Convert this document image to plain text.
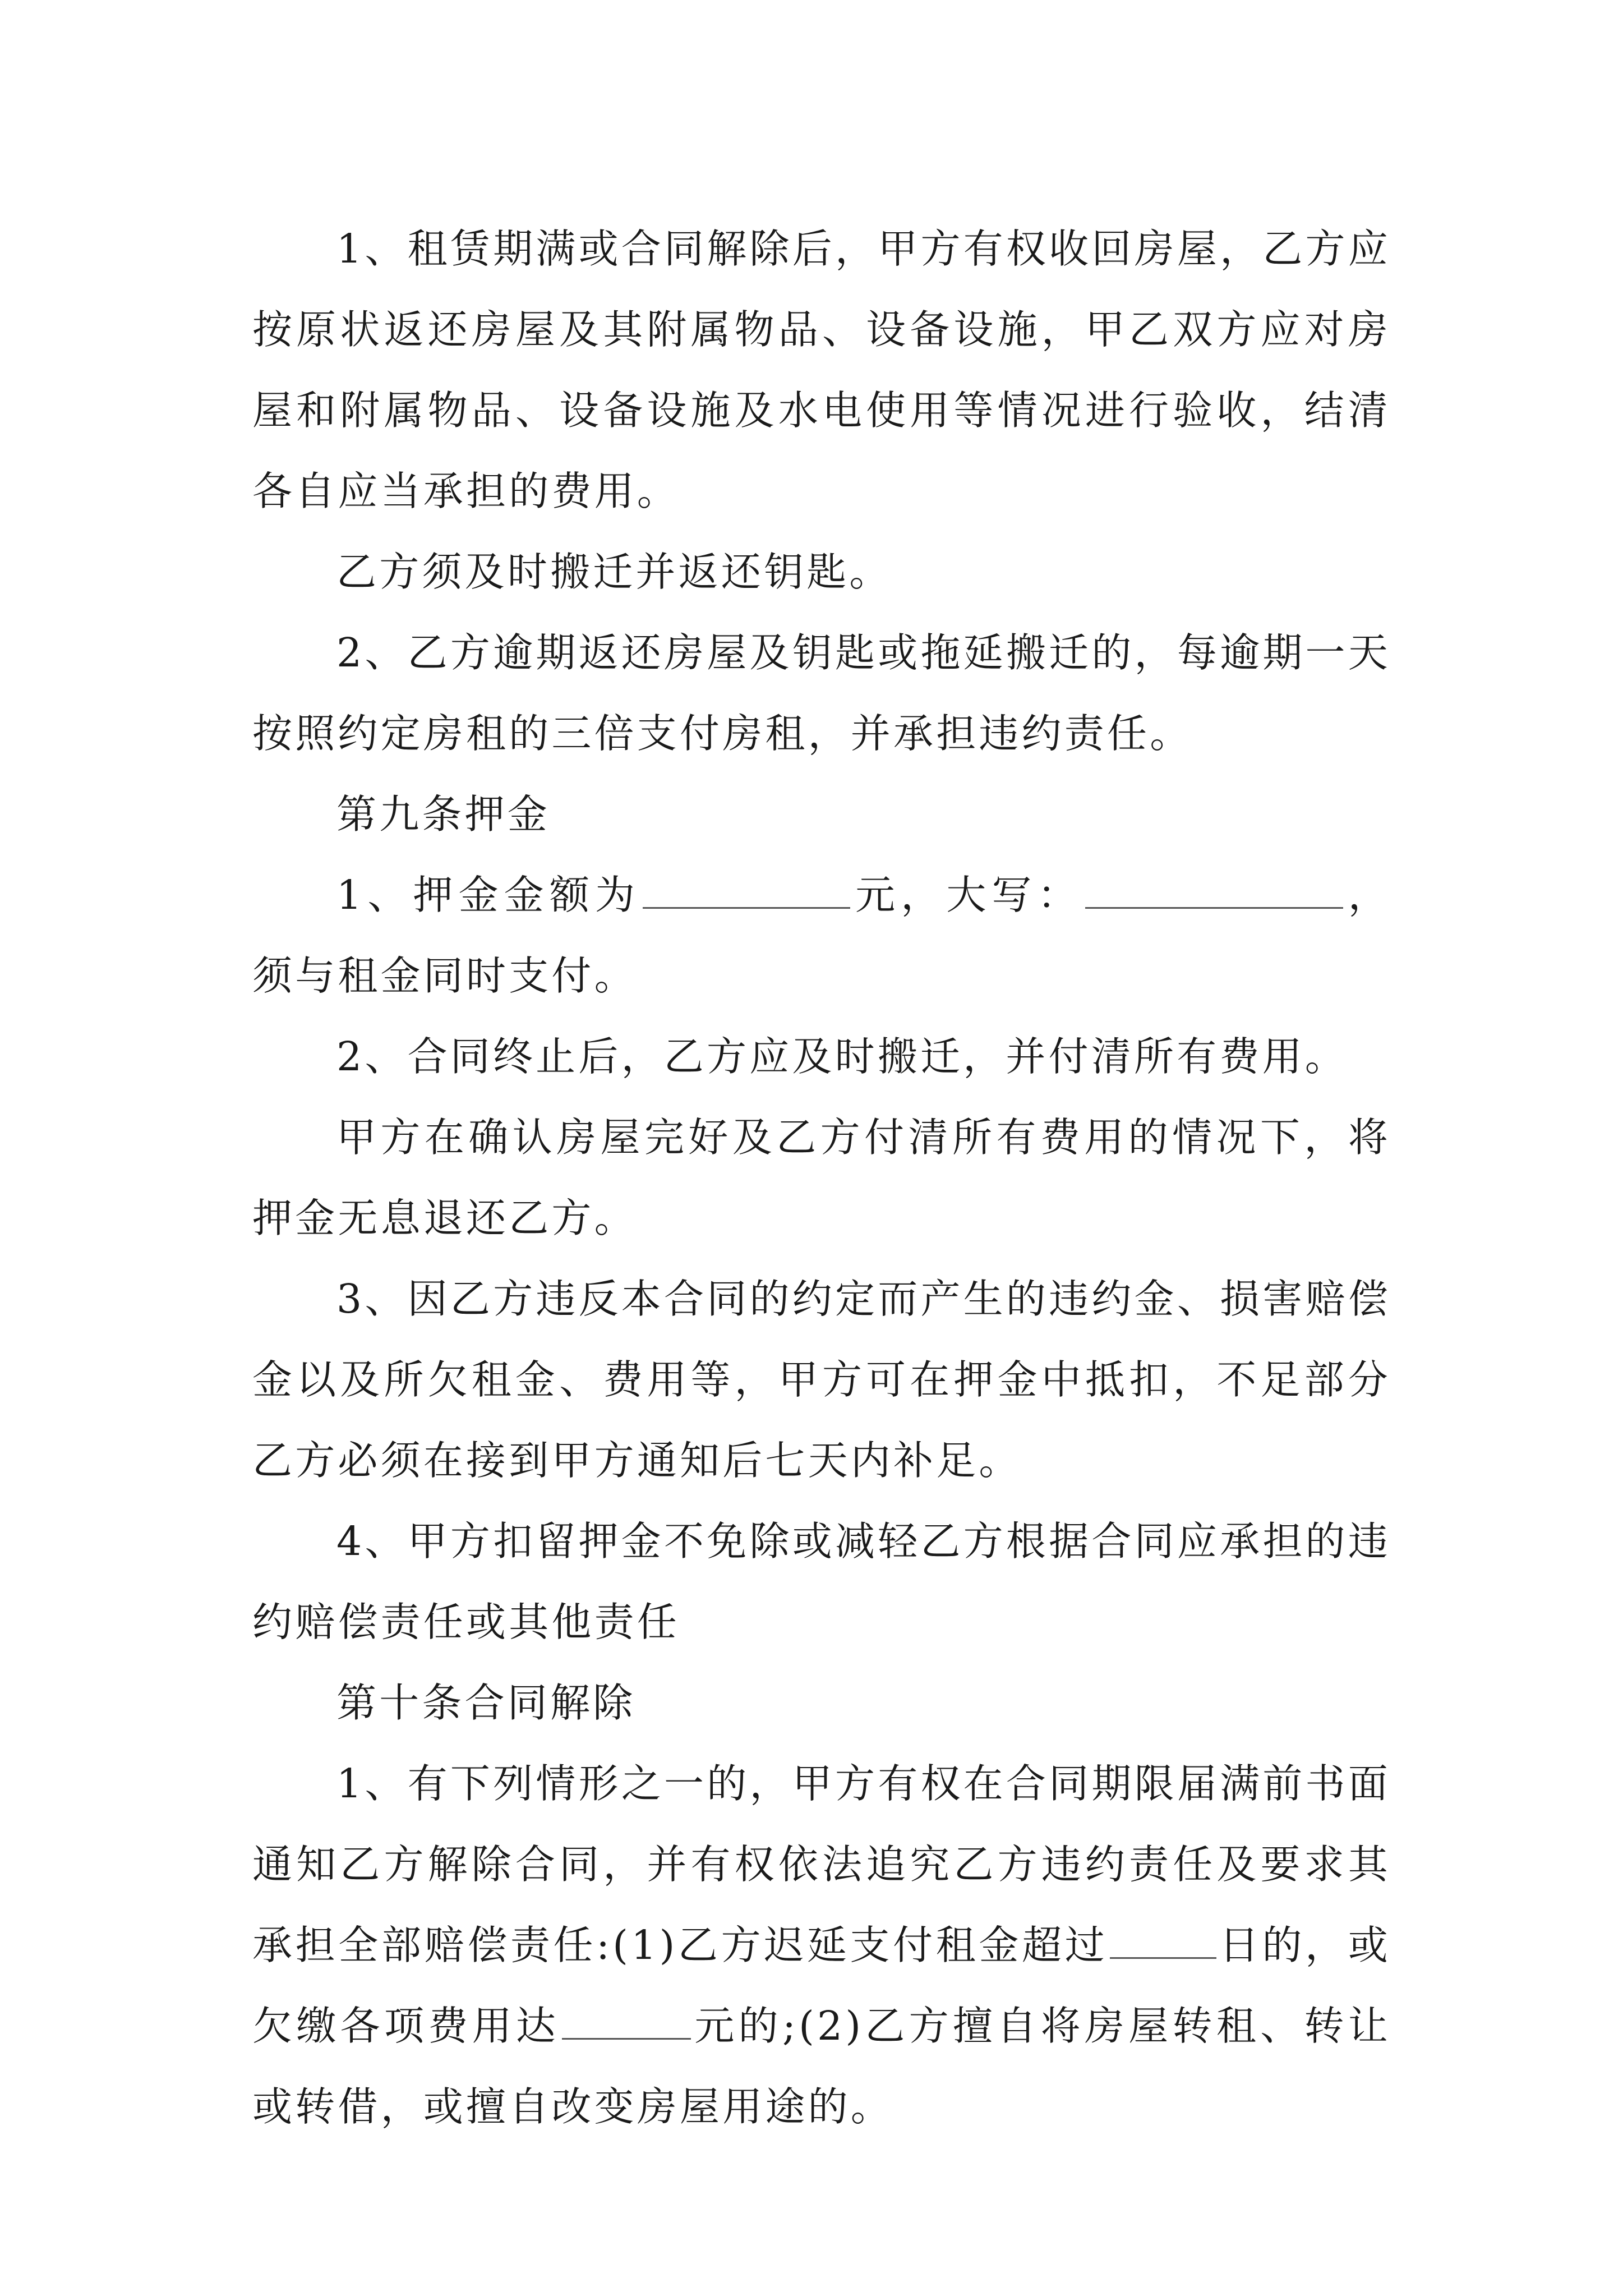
1、租赁期满或合同解除后，甲方有权收回房屋，乙方应按原状返还房屋及其附属物品、设备设施，甲乙双方应对房屋和附属物品、设备设施及水电使用等情况进行验收，结清各自应当承担的费用。

乙方须及时搬迁并返还钥匙。

2、乙方逾期返还房屋及钥匙或拖延搬迁的，每逾期一天按照约定房租的三倍支付房租，并承担违约责任。

第九条押金

1、押金金额为	元，大写：	，须与租金同时支付。

2、合同终止后，乙方应及时搬迁，并付清所有费用。

甲方在确认房屋完好及乙方付清所有费用的情况下，将押金无息退还乙方。

3、因乙方违反本合同的约定而产生的违约金、损害赔偿金以及所欠租金、费用等，甲方可在押金中抵扣，不足部分乙方必须在接到甲方通知后七天内补足。

4、甲方扣留押金不免除或减轻乙方根据合同应承担的违约赔偿责任或其他责任

第十条合同解除

1、有下列情形之一的，甲方有权在合同期限届满前书面通知乙方解除合同，并有权依法追究乙方违约责任及要求其承担全部赔偿责任:(1)乙方迟延支付租金超过	日的，或欠缴各项费用达	元的;(2)乙方擅自将房屋转租、转让或转借，或擅自改变房屋用途的。
